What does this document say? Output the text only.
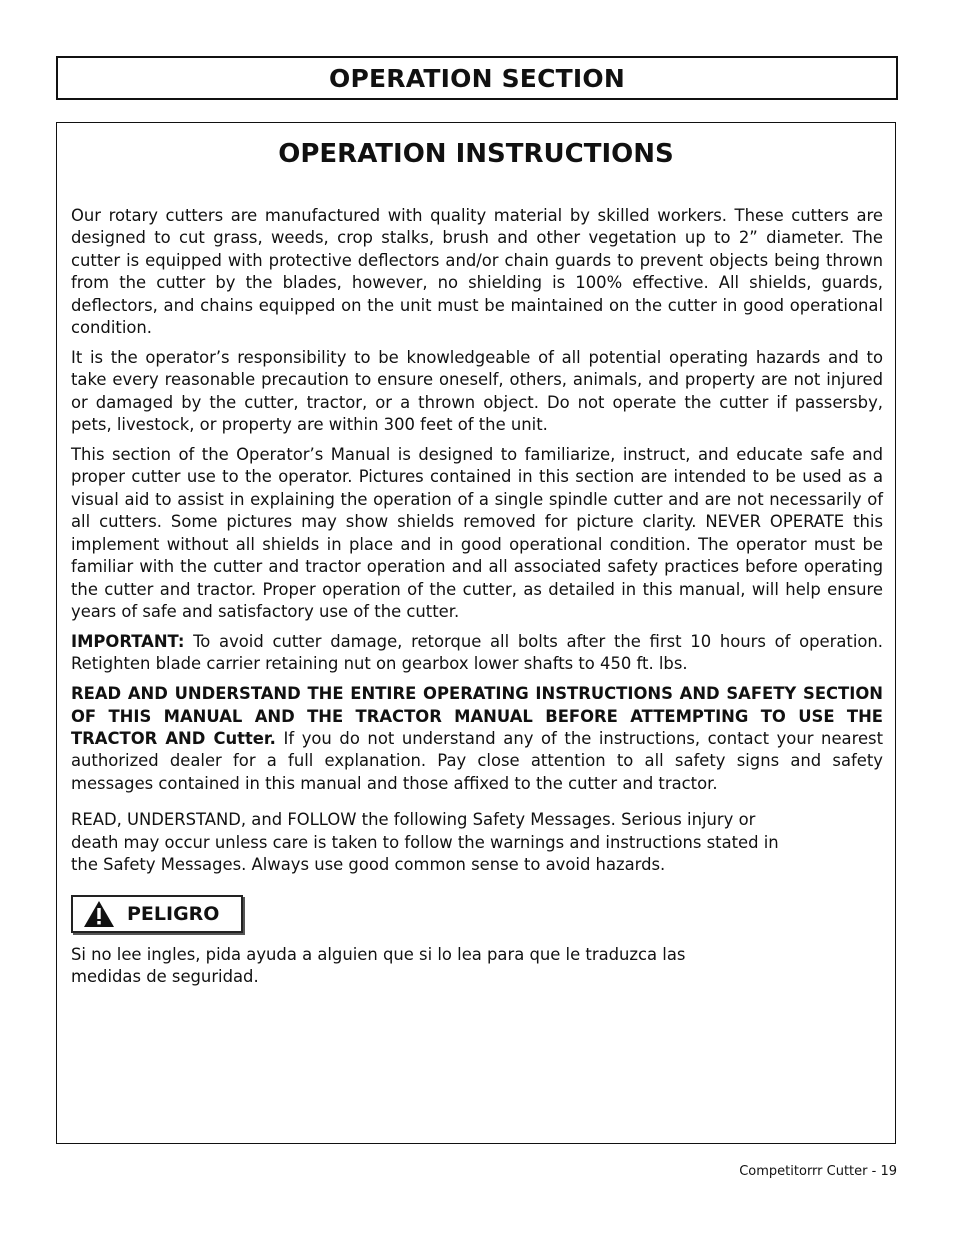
OPERATION SECTION
OPERATION INSTRUCTIONS

Our rotary cutters are manufactured with quality material by skilled workers. These cutters are designed to cut grass, weeds, crop stalks, brush and other vegetation up to 2” diameter. The cutter is equipped with protective deflectors and/or chain guards to prevent objects being thrown from the cutter by the blades, however, no shielding is 100% effective. All shields, guards, deflectors, and chains equipped on the unit must be maintained on the cutter in good operational condition.

It is the operator’s responsibility to be knowledgeable of all potential operating hazards and to take every reasonable precaution to ensure oneself, others, animals, and property are not injured or damaged by the cutter, tractor, or a thrown object. Do not operate the cutter if passersby, pets, livestock, or property are within 300 feet of the unit.

This section of the Operator’s Manual is designed to familiarize, instruct, and educate safe and proper cutter use to the operator. Pictures contained in this section are intended to be used as a visual aid to assist in explaining the operation of a single spindle cutter and are not necessarily of all cutters. Some pictures may show shields removed for picture clarity. NEVER OPERATE this implement without all shields in place and in good operational condition. The operator must be familiar with the cutter and tractor operation and all associated safety practices before operating the cutter and tractor. Proper operation of the cutter, as detailed in this manual, will help ensure years of safe and satisfactory use of the cutter.

IMPORTANT: To avoid cutter damage, retorque all bolts after the first 10 hours of operation. Retighten blade carrier retaining nut on gearbox lower shafts to 450 ft. lbs.

READ AND UNDERSTAND THE ENTIRE OPERATING INSTRUCTIONS AND SAFETY SECTION OF THIS MANUAL AND THE TRACTOR MANUAL BEFORE ATTEMPTING TO USE THE TRACTOR AND Cutter. If you do not understand any of the instructions, contact your nearest authorized dealer for a full explanation. Pay close attention to all safety signs and safety messages contained in this manual and those affixed to the cutter and tractor.

READ, UNDERSTAND, and FOLLOW the following Safety Messages. Serious injury or death may occur unless care is taken to follow the warnings and instructions stated in the Safety Messages. Always use good common sense to avoid hazards.

PELIGRO

Si no lee ingles, pida ayuda a alguien que si lo lea para que le traduzca las medidas de seguridad.

Competitorrr Cutter - 19
